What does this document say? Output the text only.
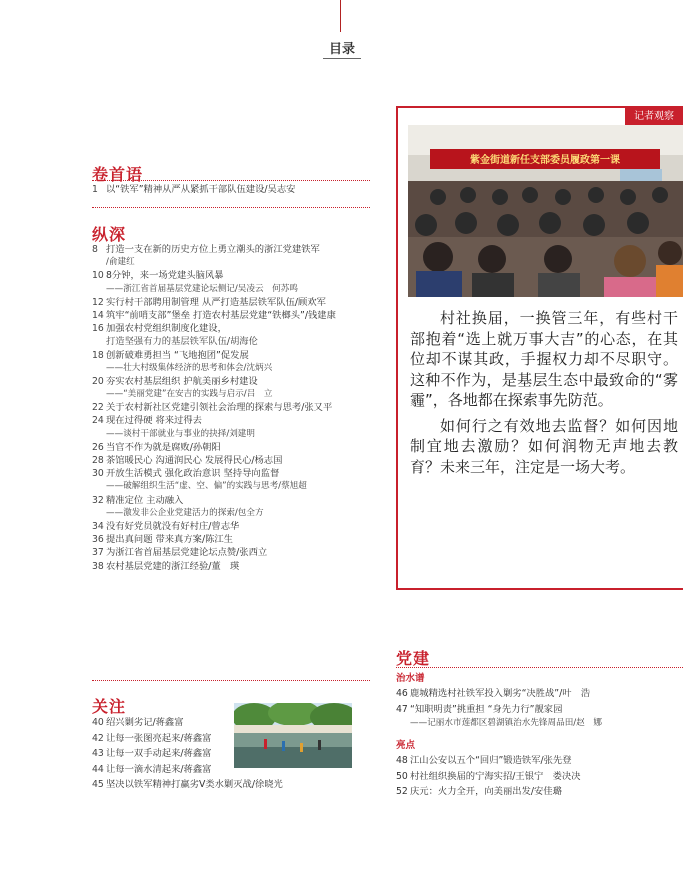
目录
卷首语
1 以“铁军”精神从严从紧抓干部队伍建设 /吴志安
纵深
8 打造一支在新的历史方位上勇立潮头的浙江党建铁军
/俞建红
10 8分钟，来一场党建头脑风暴
——浙江省首届基层党建论坛侧记/吴凌云　何苏鸣
12 实行村干部聘用制管理 从严打造基层铁军队伍 /顾欢军
14 筑牢“前哨支部”堡垒 打造农村基层党建“铁榔头” /钱建康
16 加强农村党组织制度化建设，
打造坚强有力的基层铁军队伍/胡海伦
18 创新破难勇担当 “飞地抱团”促发展
——壮大村级集体经济的思考和体会/沈炳兴
20 夯实农村基层组织 护航美丽乡村建设
——“美丽党建”在安吉的实践与启示/吕　立
22 关于农村新社区党建引领社会治理的探索与思考 /张又平
24 现在过得硬 将来过得去
——谈村干部就业与事业的抉择/刘建明
26 当官不作为就是腐败 /孙朝阳
28 茶馆暖民心 沟通润民心 发展得民心 /杨志国
30 开放生活模式 强化政治意识 坚持导向监督
——破解组织生活“虚、空、偏”的实践与思考/蔡旭超
32 精准定位 主动融入
——激发非公企业党建活力的探索/包全方
34 没有好党员就没有好村庄 /曾志华
36 提出真问题 带来真方案 /陈江生
37 为浙江省首届基层党建论坛点赞 /张西立
38 农村基层党建的浙江经验 /董　瑛
关注
40 绍兴剿劣记 /蒋鑫富
42 让每一张图亮起来 /蒋鑫富
43 让每一双手动起来 /蒋鑫富
44 让每一滴水清起来 /蒋鑫富
45 坚决以铁军精神打赢劣Ⅴ类水剿灭战 /徐晓光
记者观察
紫金街道新任支部委员履政第一课

村社换届，一换管三年，有些村干部抱着“选上就万事大吉”的心态，在其位却不谋其政，手握权力却不尽职守。这种不作为，是基层生态中最致命的“雾霾”，各地都在探索事先防范。

如何行之有效地去监督？如何因地制宜地去激励？如何润物无声地去教育？未来三年，注定是一场大考。

党建
治水谱
46 鹿城精选村社铁军投入剿劣“决胜战” /叶　浩
47 “知职明责”挑重担 “身先力行”靓家园
——记丽水市莲都区碧湖镇治水先锋周品田/赵　娜
亮点
48 江山公安以五个“回归”锻造铁军 /张先登
50 村社组织换届的宁海实招 /王银宁　娄决决
52 庆元：火力全开，向美丽出发 /安佳璐
